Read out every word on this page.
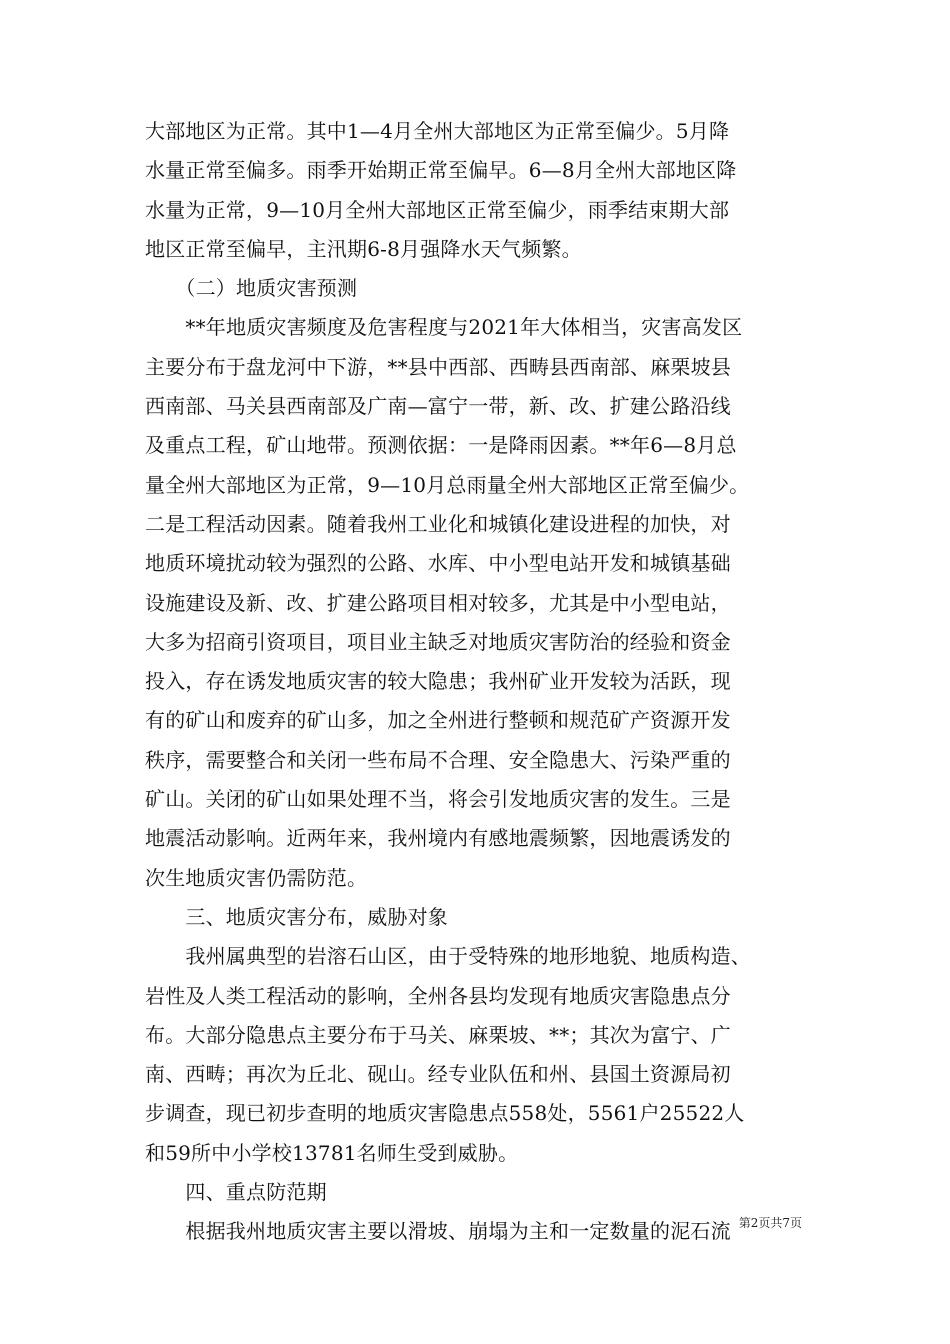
大部地区为正常。其中1—4月全州大部地区为正常至偏少。5月降
水量正常至偏多。雨季开始期正常至偏早。6—8月全州大部地区降
水量为正常，9—10月全州大部地区正常至偏少，雨季结束期大部
地区正常至偏早，主汛期6-8月强降水天气频繁。
　　（二）地质灾害预测
　　**年地质灾害频度及危害程度与2021年大体相当，灾害高发区
主要分布于盘龙河中下游，**县中西部、西畴县西南部、麻栗坡县
西南部、马关县西南部及广南—富宁一带，新、改、扩建公路沿线
及重点工程，矿山地带。预测依据：一是降雨因素。**年6—8月总
量全州大部地区为正常，9—10月总雨量全州大部地区正常至偏少。
二是工程活动因素。随着我州工业化和城镇化建设进程的加快，对
地质环境扰动较为强烈的公路、水库、中小型电站开发和城镇基础
设施建设及新、改、扩建公路项目相对较多，尤其是中小型电站，
大多为招商引资项目，项目业主缺乏对地质灾害防治的经验和资金
投入，存在诱发地质灾害的较大隐患；我州矿业开发较为活跃，现
有的矿山和废弃的矿山多，加之全州进行整顿和规范矿产资源开发
秩序，需要整合和关闭一些布局不合理、安全隐患大、污染严重的
矿山。关闭的矿山如果处理不当，将会引发地质灾害的发生。三是
地震活动影响。近两年来，我州境内有感地震频繁，因地震诱发的
次生地质灾害仍需防范。
　　三、地质灾害分布，威胁对象
　　我州属典型的岩溶石山区，由于受特殊的地形地貌、地质构造、
岩性及人类工程活动的影响，全州各县均发现有地质灾害隐患点分
布。大部分隐患点主要分布于马关、麻栗坡、**；其次为富宁、广
南、西畴；再次为丘北、砚山。经专业队伍和州、县国土资源局初
步调查，现已初步查明的地质灾害隐患点558处，5561户25522人
和59所中小学校13781名师生受到威胁。
　　四、重点防范期
　　根据我州地质灾害主要以滑坡、崩塌为主和一定数量的泥石流 第2页共7页
